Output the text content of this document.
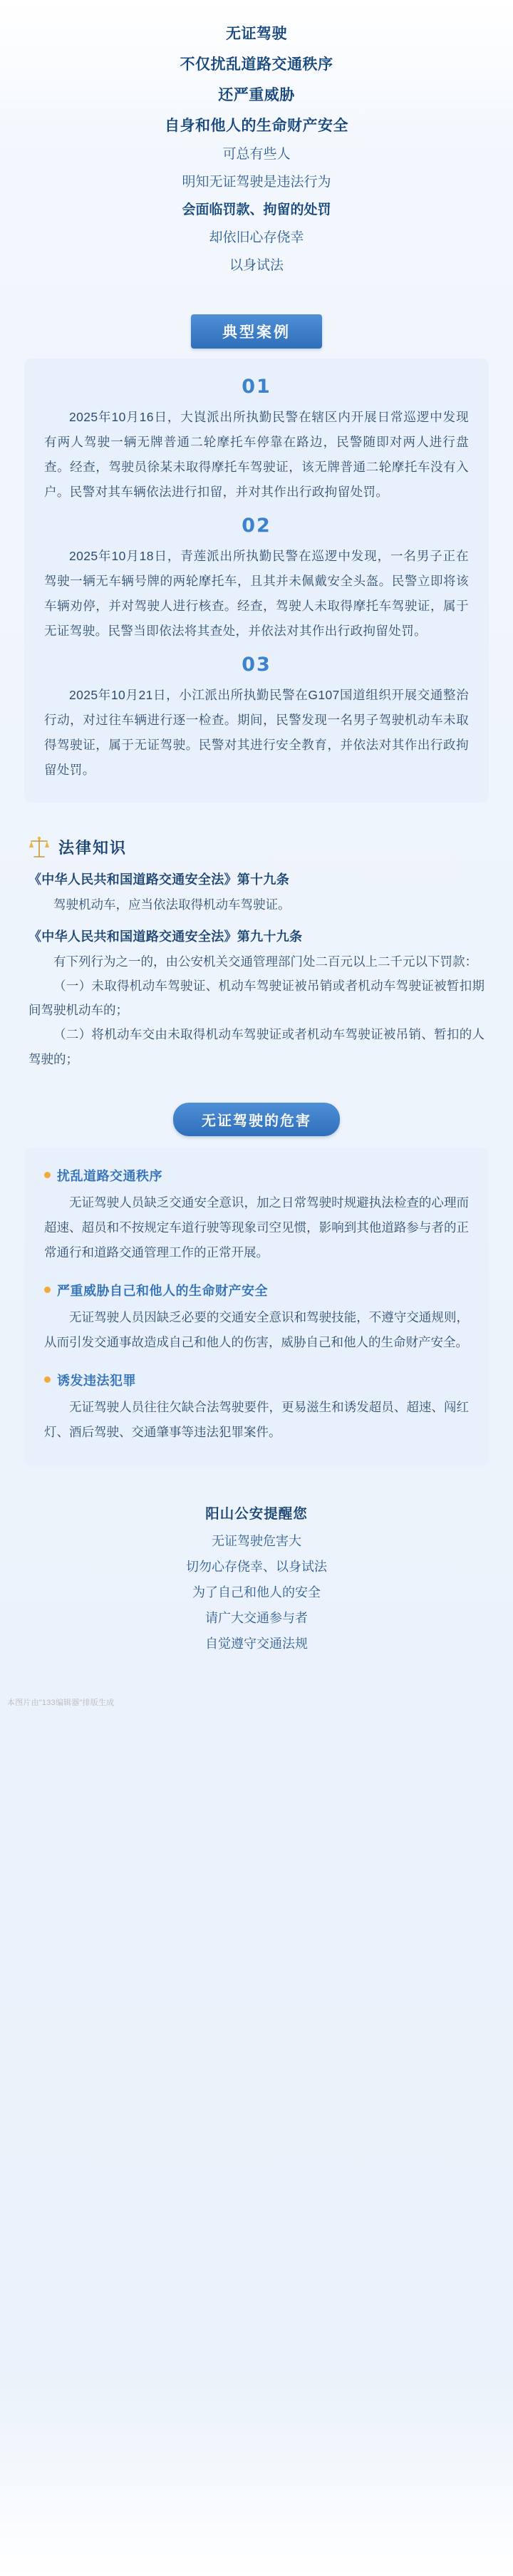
无证驾驶
不仅扰乱道路交通秩序
还严重威胁
自身和他人的生命财产安全
可总有些人
明知无证驾驶是违法行为
会面临罚款、拘留的处罚
却依旧心存侥幸
以身试法
典型案例
01
2025年10月16日，大崀派出所执勤民警在辖区内开展日常巡逻中发现有两人驾驶一辆无牌普通二轮摩托车停靠在路边，民警随即对两人进行盘查。经查，驾驶员徐某未取得摩托车驾驶证，该无牌普通二轮摩托车没有入户。民警对其车辆依法进行扣留，并对其作出行政拘留处罚。
02
2025年10月18日，青莲派出所执勤民警在巡逻中发现，一名男子正在驾驶一辆无车辆号牌的两轮摩托车，且其并未佩戴安全头盔。民警立即将该车辆劝停，并对驾驶人进行核查。经查，驾驶人未取得摩托车驾驶证，属于无证驾驶。民警当即依法将其查处，并依法对其作出行政拘留处罚。
03
2025年10月21日，小江派出所执勤民警在G107国道组织开展交通整治行动，对过往车辆进行逐一检查。期间，民警发现一名男子驾驶机动车未取得驾驶证，属于无证驾驶。民警对其进行安全教育，并依法对其作出行政拘留处罚。
法律知识
《中华人民共和国道路交通安全法》第十九条
驾驶机动车，应当依法取得机动车驾驶证。
《中华人民共和国道路交通安全法》第九十九条
有下列行为之一的，由公安机关交通管理部门处二百元以上二千元以下罚款：
（一）未取得机动车驾驶证、机动车驾驶证被吊销或者机动车驾驶证被暂扣期间驾驶机动车的；
（二）将机动车交由未取得机动车驾驶证或者机动车驾驶证被吊销、暂扣的人驾驶的；
无证驾驶的危害
扰乱道路交通秩序
无证驾驶人员缺乏交通安全意识，加之日常驾驶时规避执法检查的心理而超速、超员和不按规定车道行驶等现象司空见惯，影响到其他道路参与者的正常通行和道路交通管理工作的正常开展。
严重威胁自己和他人的生命财产安全
无证驾驶人员因缺乏必要的交通安全意识和驾驶技能，不遵守交通规则，从而引发交通事故造成自己和他人的伤害，威胁自己和他人的生命财产安全。
诱发违法犯罪
无证驾驶人员往往欠缺合法驾驶要件，更易滋生和诱发超员、超速、闯红灯、酒后驾驶、交通肇事等违法犯罪案件。
阳山公安提醒您
无证驾驶危害大
切勿心存侥幸、以身试法
为了自己和他人的安全
请广大交通参与者
自觉遵守交通法规
本图片由"133编辑器"排版生成
